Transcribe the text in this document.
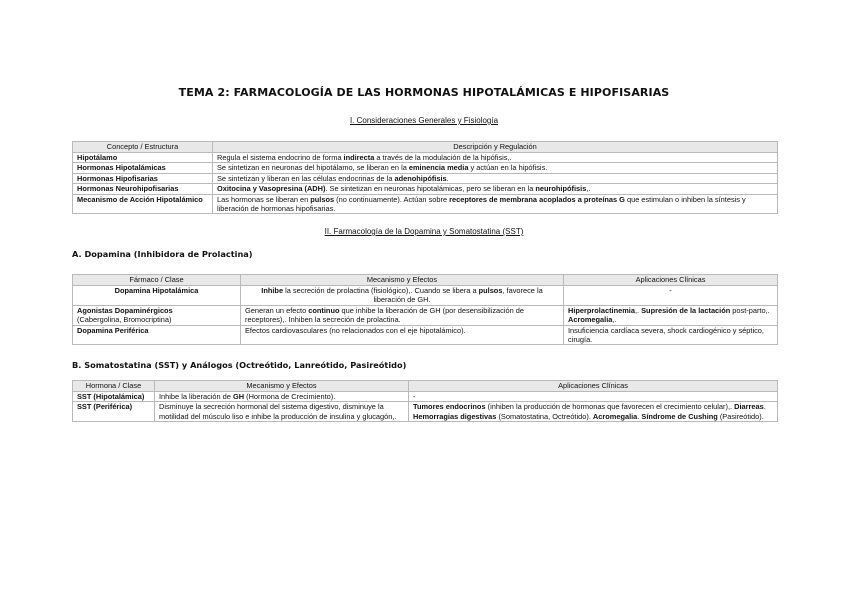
TEMA 2: FARMACOLOGÍA DE LAS HORMONAS HIPOTALÁMICAS E HIPOFISARIAS
I. Consideraciones Generales y Fisiología
Concepto / Estructura	Descripción y Regulación
Hipotálamo	Regula el sistema endocrino de forma indirecta a través de la modulación de la hipófisis,.
Hormonas Hipotalámicas	Se sintetizan en neuronas del hipotálamo, se liberan en la eminencia media y actúan en la hipófisis.
Hormonas Hipofisarias	Se sintetizan y liberan en las células endocrinas de la adenohipófisis.
Hormonas Neurohipofisarias	Oxitocina y Vasopresina (ADH). Se sintetizan en neuronas hipotalámicas, pero se liberan en la neurohipófisis,.
Mecanismo de Acción Hipotalámico	Las hormonas se liberan en pulsos (no continuamente). Actúan sobre receptores de membrana acoplados a proteínas G que estimulan o inhiben la síntesis y liberación de hormonas hipofisarias.
II. Farmacología de la Dopamina y Somatostatina (SST)
A. Dopamina (Inhibidora de Prolactina)
Fármaco / Clase	Mecanismo y Efectos	Aplicaciones Clínicas
Dopamina Hipotalámica	Inhibe la secreción de prolactina (fisiológico),. Cuando se libera a pulsos, favorece la liberación de GH.	-

Agonistas Dopaminérgicos
(Cabergolina, Bromocriptina)	Generan un efecto continuo que inhibe la liberación de GH (por desensibilización de receptores),. Inhiben la secreción de prolactina.	Hiperprolactinemia,. Supresión de la lactación post-parto,. Acromegalia,.
Dopamina Periférica	Efectos cardiovasculares (no relacionados con el eje hipotalámico).	Insuficiencia cardíaca severa, shock cardiogénico y séptico, cirugía.
B. Somatostatina (SST) y Análogos (Octreótido, Lanreótido, Pasireótido)
Hormona / Clase	Mecanismo y Efectos	Aplicaciones Clínicas
SST (Hipotalámica)	Inhibe la liberación de GH (Hormona de Crecimiento).	-
SST (Periférica)	Disminuye la secreción hormonal del sistema digestivo, disminuye la motilidad del músculo liso e inhibe la producción de insulina y glucagón,.	Tumores endocrinos (inhiben la producción de hormonas que favorecen el crecimiento celular),. Diarreas. Hemorragias digestivas (Somatostatina, Octreótido). Acromegalia. Síndrome de Cushing (Pasireótido).
